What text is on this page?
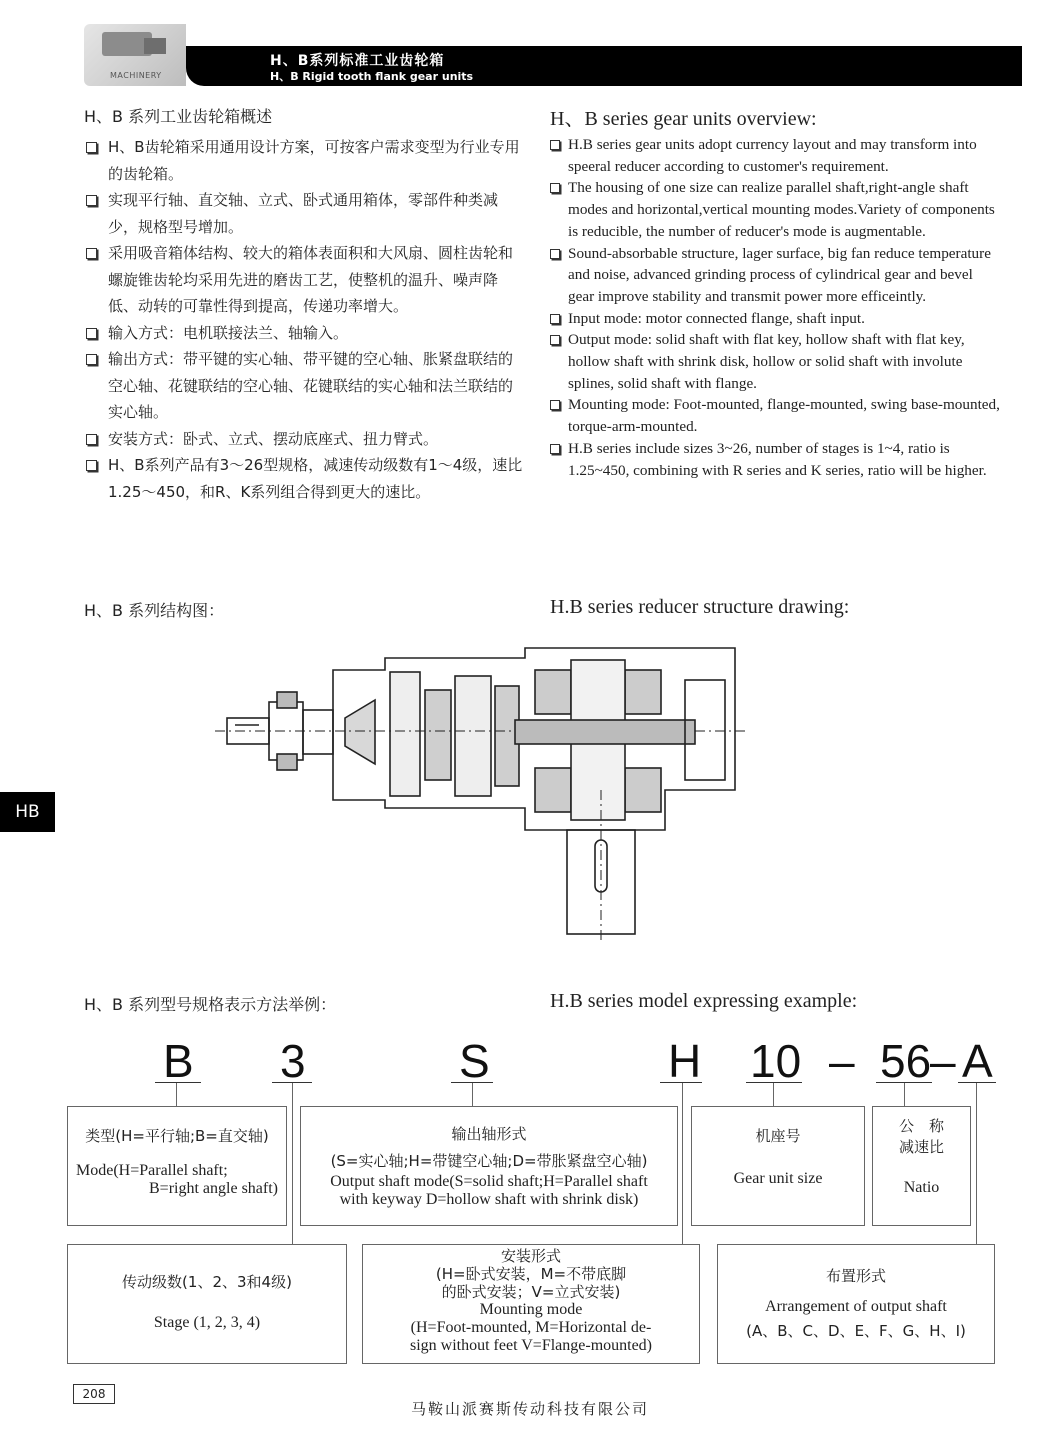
MACHINERY
H、B系列标准工业齿轮箱
H、B Rigid tooth flank gear units
H、B 系列工业齿轮箱概述	H、B series gear units overview:
H、B齿轮箱采用通用设计方案，可按客户需求变型为行业专用的齿轮箱。
实现平行轴、直交轴、立式、卧式通用箱体，零部件种类减少，规格型号增加。
采用吸音箱体结构、较大的箱体表面积和大风扇、圆柱齿轮和螺旋锥齿轮均采用先进的磨齿工艺，使整机的温升、噪声降低、动转的可靠性得到提高，传递功率增大。
输入方式：电机联接法兰、轴输入。
输出方式：带平键的实心轴、带平键的空心轴、胀紧盘联结的空心轴、花键联结的空心轴、花键联结的实心轴和法兰联结的实心轴。
安装方式：卧式、立式、摆动底座式、扭力臂式。
H、B系列产品有3～26型规格，减速传动级数有1～4级，速比1.25～450，和R、K系列组合得到更大的速比。
H.B series gear units adopt currency layout and may transform into speeral reducer according to customer's requirement.
The housing of one size can realize parallel shaft,right-angle shaft modes and horizontal,vertical mounting modes.Variety of components is reducible, the number of reducer's mode is augmentable.
Sound-absorbable structure, lager surface, big fan reduce temperature and noise, advanced grinding process of cylindrical gear and bevel gear improve stability and transmit power more efficeintly.
Input mode: motor connected flange, shaft input.
Output mode: solid shaft with flat key, hollow shaft with flat key, hollow shaft with shrink disk, hollow or solid shaft with involute splines, solid shaft with flange.
Mounting mode: Foot-mounted, flange-mounted, swing base-mounted, torque-arm-mounted.
H.B series include sizes 3~26, number of stages is 1~4, ratio is 1.25~450, combining with R series and K series, ratio will be higher.
H、B 系列结构图：	H.B series reducer structure drawing:
HB
H、B 系列型号规格表示方法举例：	H.B series model expressing example:
B 3	S	H 10 – 56
– A
类型(H=平行轴;B=直交轴)
Mode(H=Parallel shaft;
B=right angle shaft)
输出轴形式
(S=实心轴;H=带键空心轴;D=带胀紧盘空心轴)
Output shaft mode(S=solid shaft;H=Parallel shaft
with keyway D=hollow shaft with shrink disk)
机座号
Gear unit size
公　称
减速比
Natio
传动级数(1、2、3和4级)
Stage (1, 2, 3, 4)
安装形式
(H=卧式安装，M=不带底脚
的卧式安装；V=立式安装)
Mounting mode
(H=Foot-mounted, M=Horizontal de-
sign without feet V=Flange-mounted)
布置形式
Arrangement of output shaft
(A、B、C、D、E、F、G、H、I)
208
马鞍山派赛斯传动科技有限公司
